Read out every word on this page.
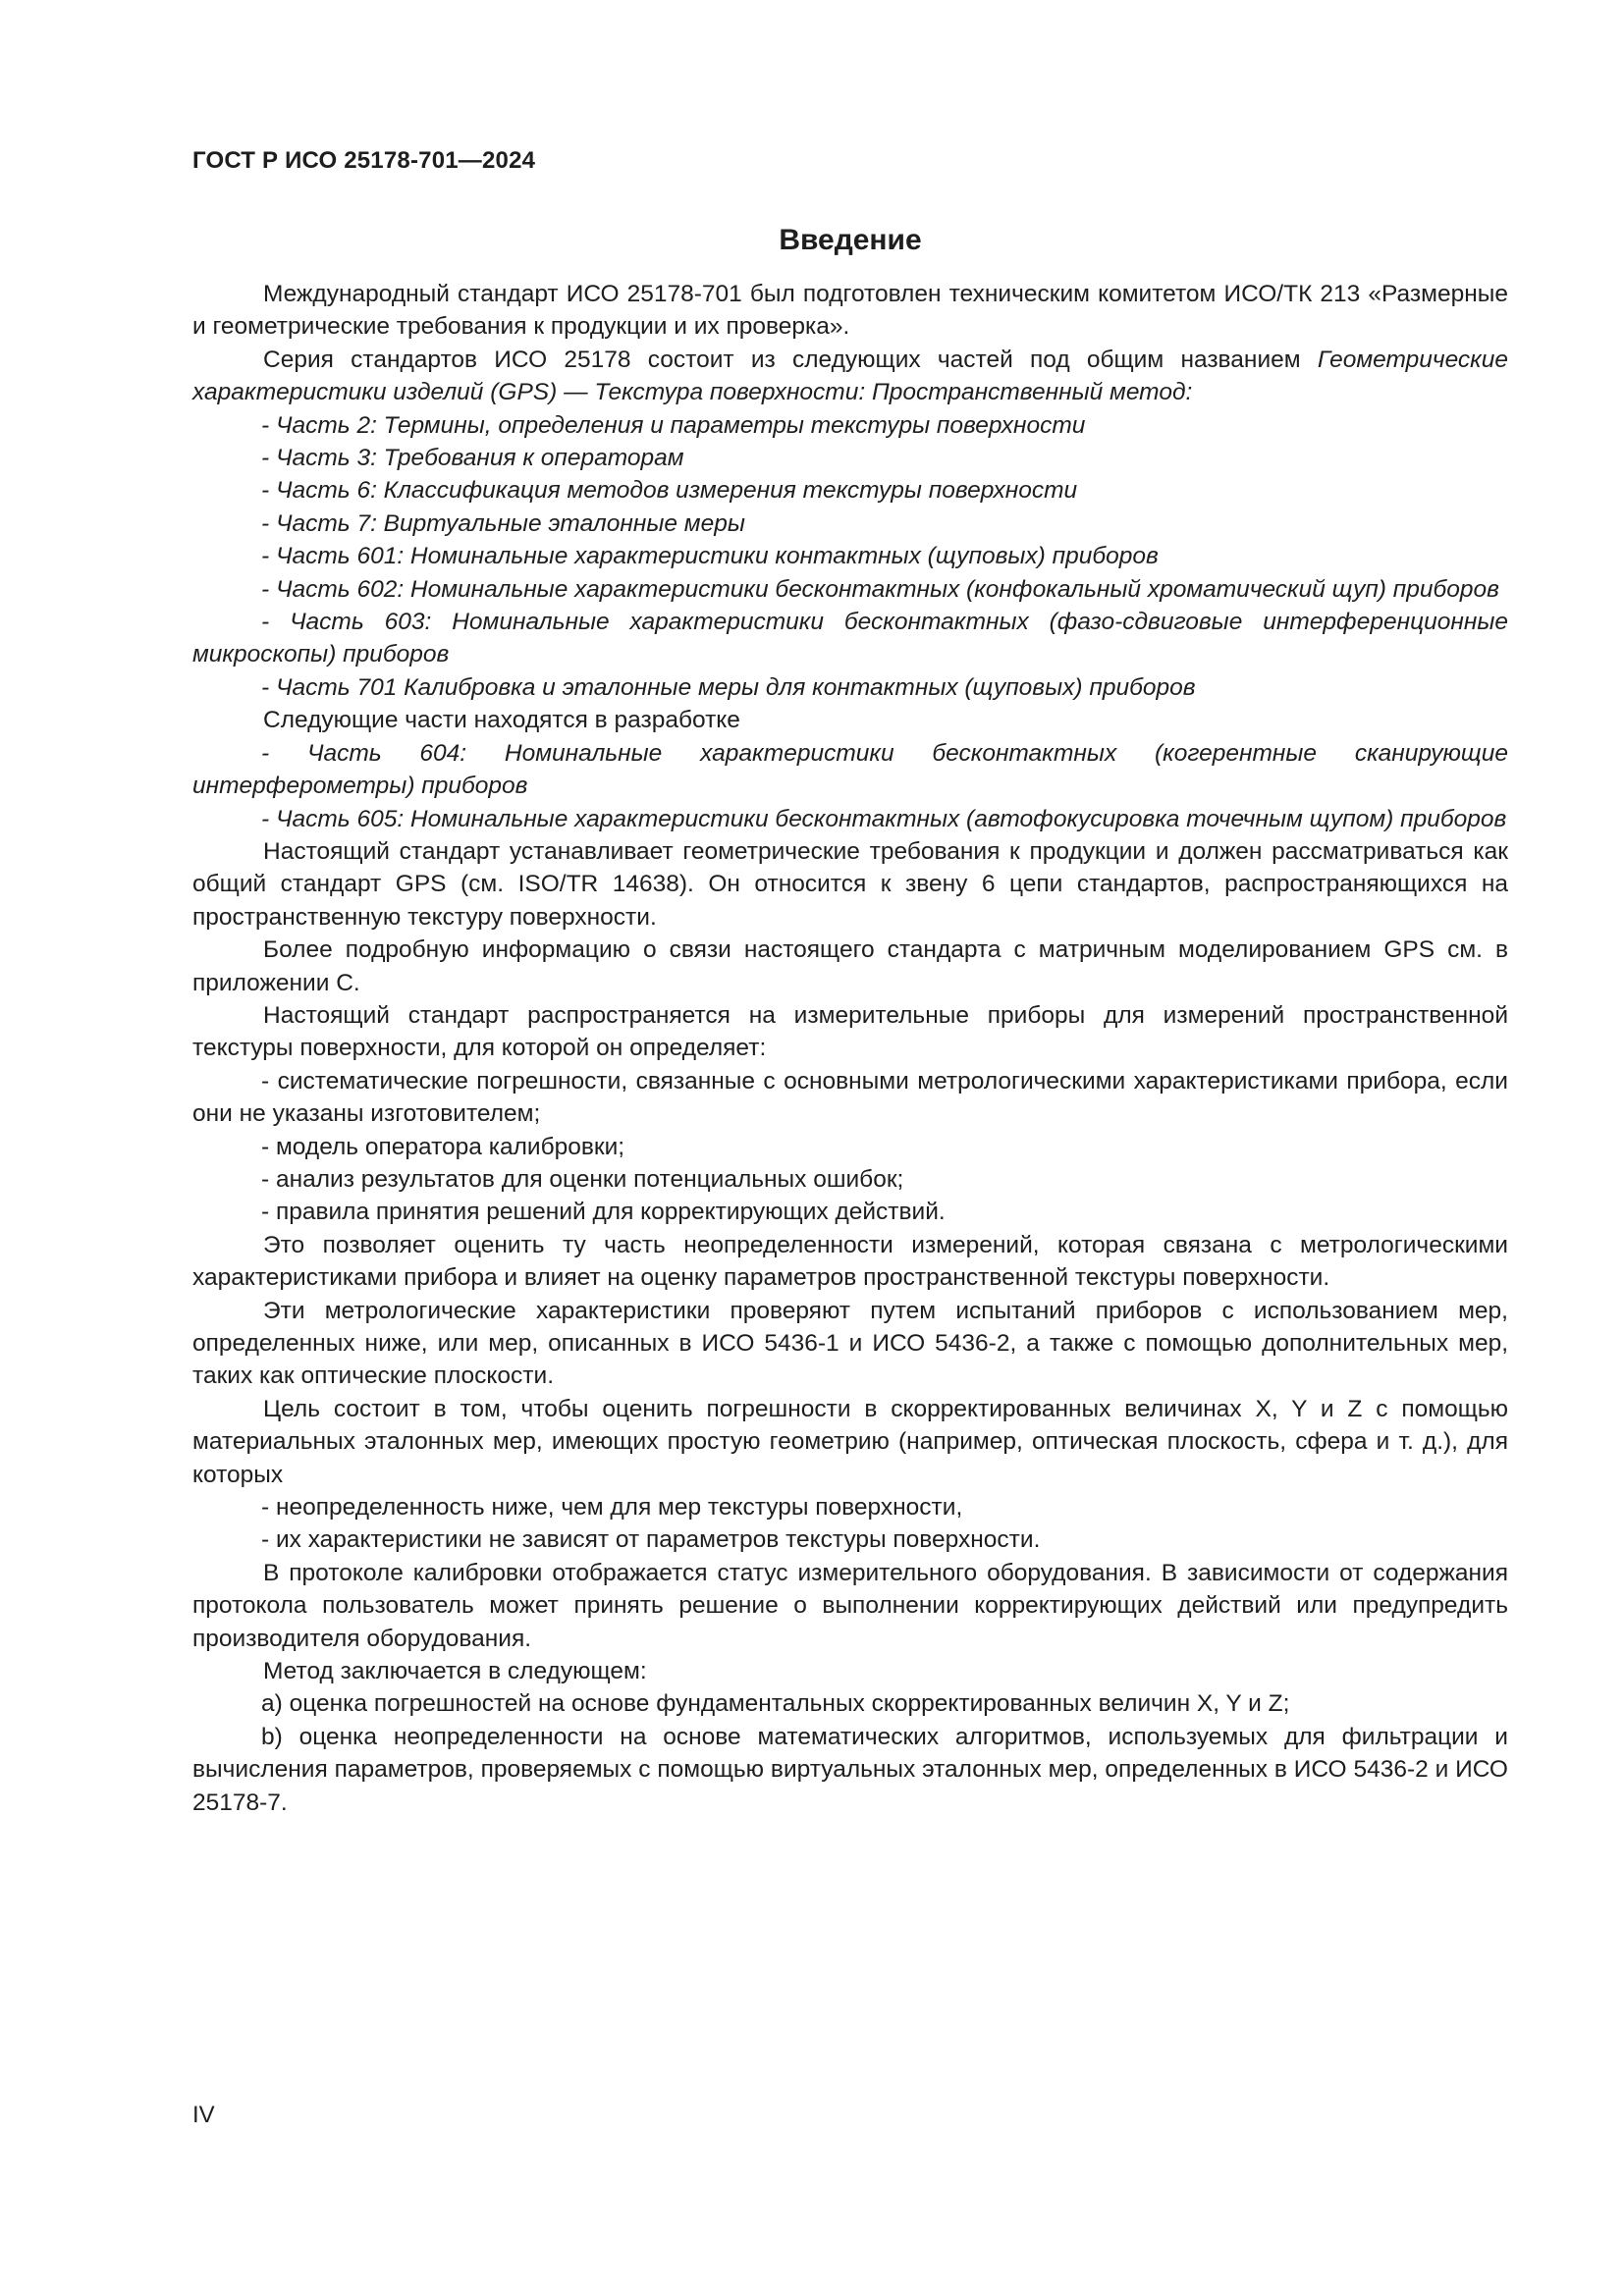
ГОСТ Р ИСО 25178-701—2024

Введение

Международный стандарт ИСО 25178-701 был подготовлен техническим комитетом ИСО/ТК 213 «Размерные и геометрические требования к продукции и их проверка».

Серия стандартов ИСО 25178 состоит из следующих частей под общим названием Геометрические характеристики изделий (GPS) — Текстура поверхности: Пространственный метод:

- Часть 2: Термины, определения и параметры текстуры поверхности

- Часть 3: Требования к операторам

- Часть 6: Классификация методов измерения текстуры поверхности

- Часть 7: Виртуальные эталонные меры

- Часть 601: Номинальные характеристики контактных (щуповых) приборов

- Часть 602: Номинальные характеристики бесконтактных (конфокальный хроматический щуп) приборов

- Часть 603: Номинальные характеристики бесконтактных (фазо-сдвиговые интерференционные микроскопы) приборов

- Часть 701 Калибровка и эталонные меры для контактных (щуповых) приборов

Следующие части находятся в разработке

- Часть 604: Номинальные характеристики бесконтактных (когерентные сканирующие интерферометры) приборов

- Часть 605: Номинальные характеристики бесконтактных (автофокусировка точечным щупом) приборов

Настоящий стандарт устанавливает геометрические требования к продукции и должен рассматриваться как общий стандарт GPS (см. ISO/TR 14638). Он относится к звену 6 цепи стандартов, распространяющихся на пространственную текстуру поверхности.

Более подробную информацию о связи настоящего стандарта с матричным моделированием GPS см. в приложении C.

Настоящий стандарт распространяется на измерительные приборы для измерений пространственной текстуры поверхности, для которой он определяет:

- систематические погрешности, связанные с основными метрологическими характеристиками прибора, если они не указаны изготовителем;

- модель оператора калибровки;

- анализ результатов для оценки потенциальных ошибок;

- правила принятия решений для корректирующих действий.

Это позволяет оценить ту часть неопределенности измерений, которая связана с метрологическими характеристиками прибора и влияет на оценку параметров пространственной текстуры поверхности.

Эти метрологические характеристики проверяют путем испытаний приборов с использованием мер, определенных ниже, или мер, описанных в ИСО 5436-1 и ИСО 5436-2, а также с помощью дополнительных мер, таких как оптические плоскости.

Цель состоит в том, чтобы оценить погрешности в скорректированных величинах X, Y и Z с помощью материальных эталонных мер, имеющих простую геометрию (например, оптическая плоскость, сфера и т. д.), для которых

- неопределенность ниже, чем для мер текстуры поверхности,

- их характеристики не зависят от параметров текстуры поверхности.

В протоколе калибровки отображается статус измерительного оборудования. В зависимости от содержания протокола пользователь может принять решение о выполнении корректирующих действий или предупредить производителя оборудования.

Метод заключается в следующем:

a) оценка погрешностей на основе фундаментальных скорректированных величин X, Y и Z;

b) оценка неопределенности на основе математических алгоритмов, используемых для фильтрации и вычисления параметров, проверяемых с помощью виртуальных эталонных мер, определенных в ИСО 5436-2 и ИСО 25178-7.

IV
